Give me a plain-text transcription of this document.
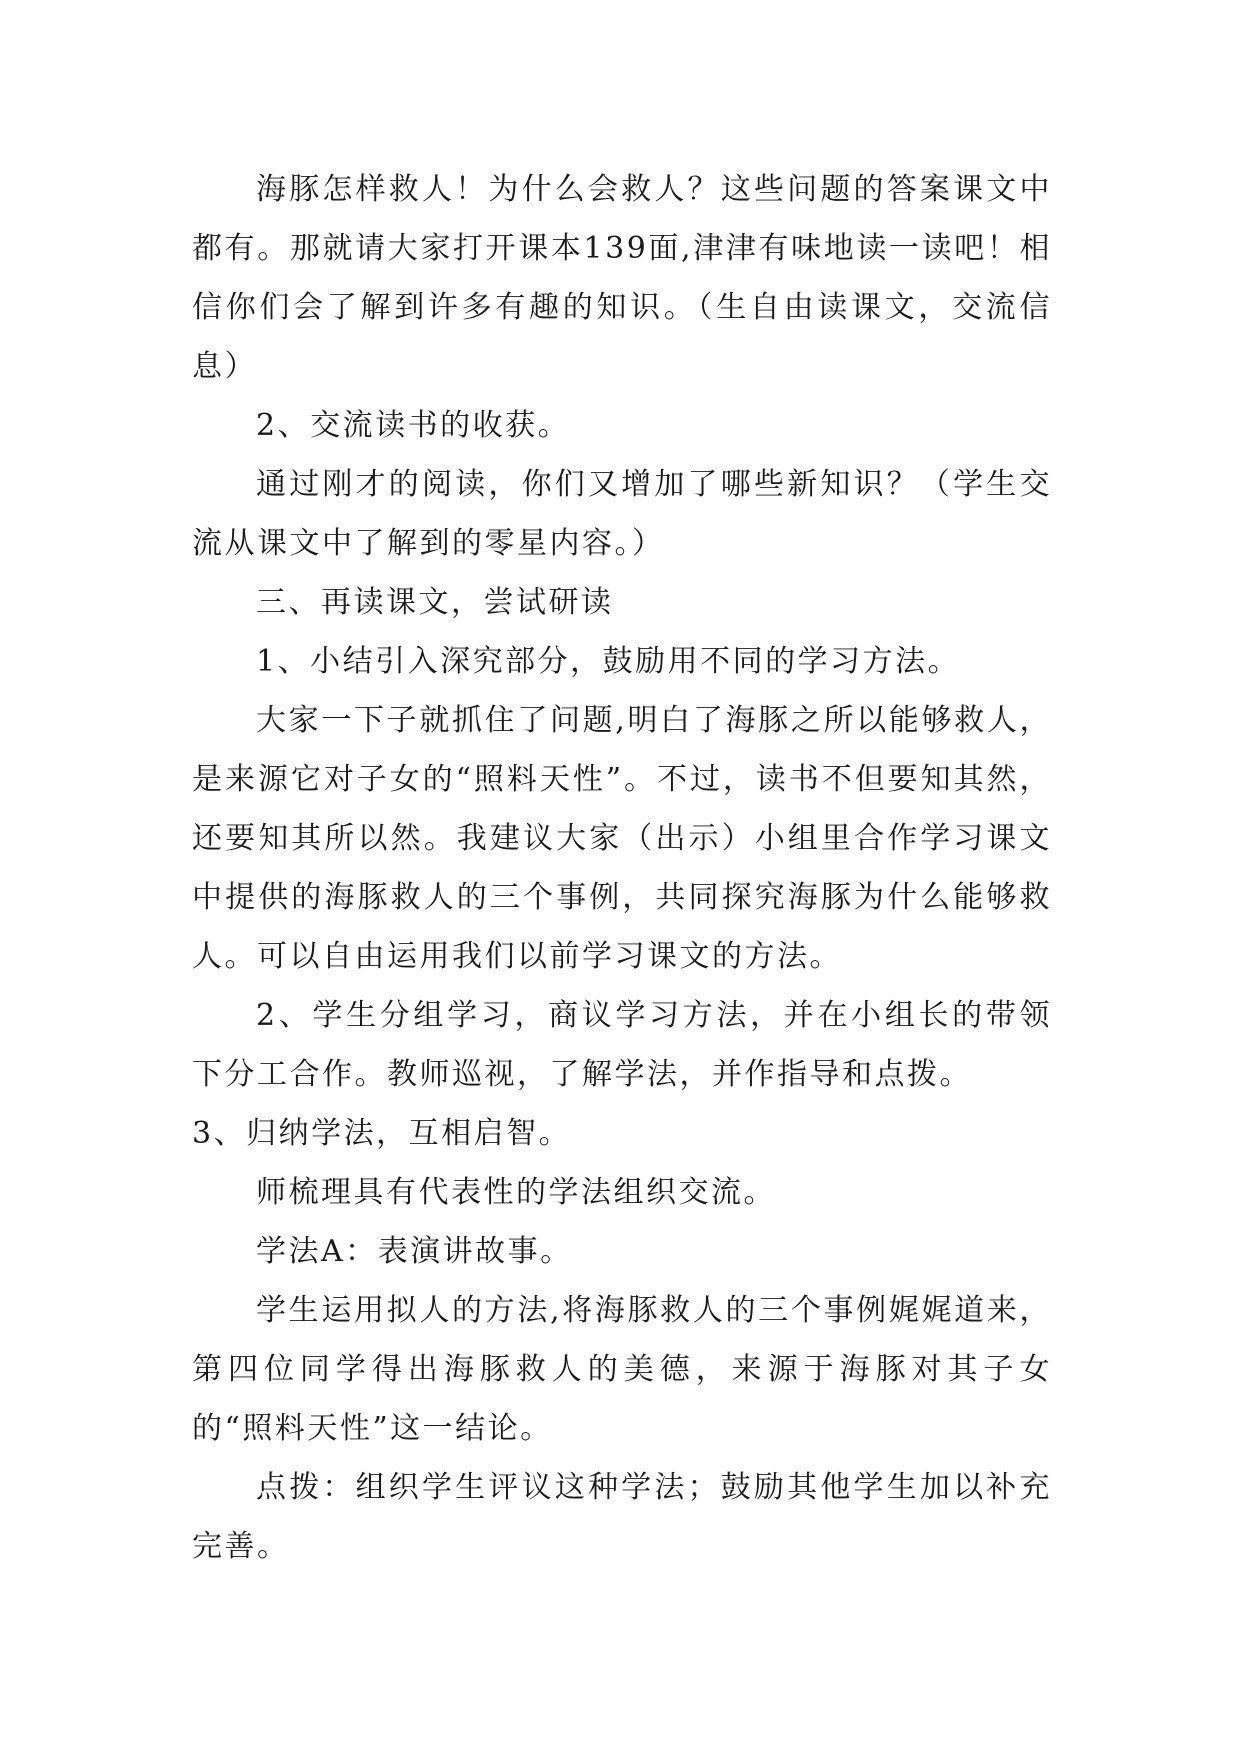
海豚怎样救人！为什么会救人？这些问题的答案课文中都有。那就请大家打开课本139面,津津有味地读一读吧！相信你们会了解到许多有趣的知识。（生自由读课文，交流信息）

2、交流读书的收获。

通过刚才的阅读，你们又增加了哪些新知识？（学生交流从课文中了解到的零星内容。）

三、再读课文，尝试研读

1、小结引入深究部分，鼓励用不同的学习方法。

大家一下子就抓住了问题,明白了海豚之所以能够救人，是来源它对子女的“照料天性”。不过，读书不但要知其然，还要知其所以然。我建议大家（出示）小组里合作学习课文中提供的海豚救人的三个事例，共同探究海豚为什么能够救人。可以自由运用我们以前学习课文的方法。

2、学生分组学习，商议学习方法，并在小组长的带领下分工合作。教师巡视，了解学法，并作指导和点拨。

3、归纳学法，互相启智。

师梳理具有代表性的学法组织交流。

学法A：表演讲故事。

学生运用拟人的方法,将海豚救人的三个事例娓娓道来，第四位同学得出海豚救人的美德，来源于海豚对其子女的“照料天性”这一结论。

点拨：组织学生评议这种学法；鼓励其他学生加以补充完善。
